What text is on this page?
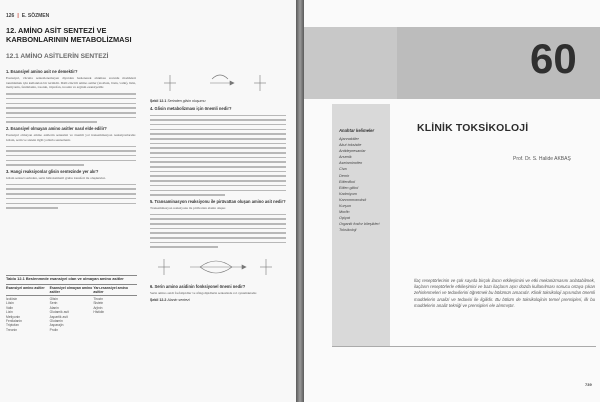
126 | E. SÖZMEN
12. AMİNO ASİT SENTEZİ VE KARBONLARININ METABOLİZMASI
12.1 AMİNO ASİTLERİN SENTEZİ
1. Esansiyel amino asit ne demektir?
Esansiyel, vücutta sentezlenemeyen diyetden beslenerek alınması zorunlu maddeleri tanımlamak için kullanılan bir terimdir. Dalli zincirli amino asitler (izolösin, lösin, valin), lizin, metiyonin, fenilalanin, treonin, triptofan, treonin ve arginin esansiyeldir.
2. Esansiyel olmayan amino asitler nasıl elde edilir?
Esansiyel olmayan amino asitlerin sentezini ve önemli yol transaminasyon reaksiyonlarıdır. Glisin, serin ve sistein ilgili yollarla sentezlenir.
3. Hangi reaksiyonlar glisin sentezinde yer alır?
Glisin sentezi serinden, serin hidroksimetil grubu transferi ile oluşturulur.
Tablo 12.1 Beslenmede esansiyel olan ve olmayan amino asitler
Esansiyel amino asitler	Esansiyel olmayan amino asitler
Yarı-esansiyel amino asitler
İzolösin
Lösin
Valin
Lizin
Metiyonin
Fenilalanin
Triptofan
Treonin
Glisin
Serin
Alanin
Glutamik asit
Aspartik asit
Glutamin
Asparajin
Prolin
Tirozin
Sistein
Arjinin
Histidin
Şekil 12.1 Serinden glisin oluşumu
4. Glisin metabolizması için önemli nedir?
5. Transaminasyon reaksiyonu ile pirüvattan oluşan amino asit nedir?
Transaminasyon reaksiyonu ile pirüvattan alanin oluşur.
6. Serin amino asidinin fonksiyonel önemi nedir?
Serin amino asidi fosfolipidler ve sfingolipidlerin sentezinde rol oynamaktadır.
Şekil 12.2 Alanin sentezi
60
Anahtar kelimeler
Ajannaktiler
Akut toksisite
Antidepresanlar
Arsenik
Asetaminofen
Civa
Demir
Etilenlikol
Etilen glikol
Kadmiyum
Karvonmonoksit
Kurşun
Morfin
Opiyat
Organik fosfor bileşikleri
Toksikoloji
KLİNİK TOKSİKOLOJİ
Prof. Dr. S. Halide AKBAŞ
İlaç reseptörlerinin ve çok sayıda birçok ilacın etkileşimini ve etki mekanizmasını anlatabilmek, ilaçların reseptörlerle etkileşimini ve bazı ilaçların aşırı dozda kullanılması sonucu ortaya çıkan zehirlenmeleri ve tedavilerini öğretmek bu bölümün amacıdır. Klinik toksikoloji açısından önemli maddelerin analizi ve tedavisi ile ilgilidir. Bu bölüm de toksikolojinin temel prensipleri, ilk bu maddelerin analiz tekniği ve prensipleri ele alınmıştır.
739
